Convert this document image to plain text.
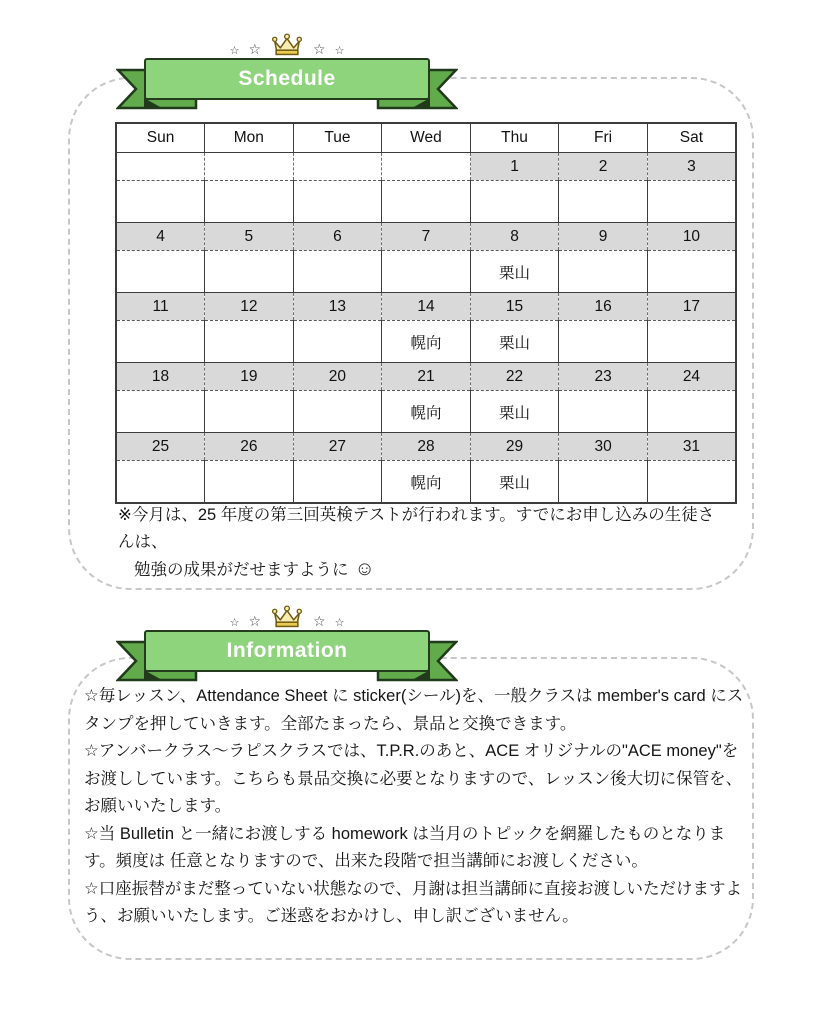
☆ ☆	☆ ☆
Schedule
Sun	Mon	Tue	Wed	Thu	Fri	Sat
				1	2	3

4	5	6	7	8	9	10
				栗山		
11	12	13	14	15	16	17
			幌向	栗山		
18	19	20	21	22	23	24
			幌向	栗山		
25	26	27	28	29	30	31
			幌向	栗山		
※今月は、25 年度の第三回英検テストが行われます。すでにお申し込みの生徒さんは、
勉強の成果がだせますように ☺
☆ ☆	☆ ☆
Information

☆毎レッスン、Attendance Sheet に sticker(シール)を、一般クラスは member's card にスタンプを押していきます。全部たまったら、景品と交換できます。

☆アンバークラス〜ラピスクラスでは、T.P.R.のあと、ACE オリジナルの"ACE money"をお渡ししています。こちらも景品交換に必要となりますので、レッスン後大切に保管を、お願いいたします。

☆当 Bulletin と一緒にお渡しする homework は当月のトピックを網羅したものとなります。頻度は 任意となりますので、出来た段階で担当講師にお渡しください。

☆口座振替がまだ整っていない状態なので、月謝は担当講師に直接お渡しいただけますよう、お願いいたします。ご迷惑をおかけし、申し訳ございません。
